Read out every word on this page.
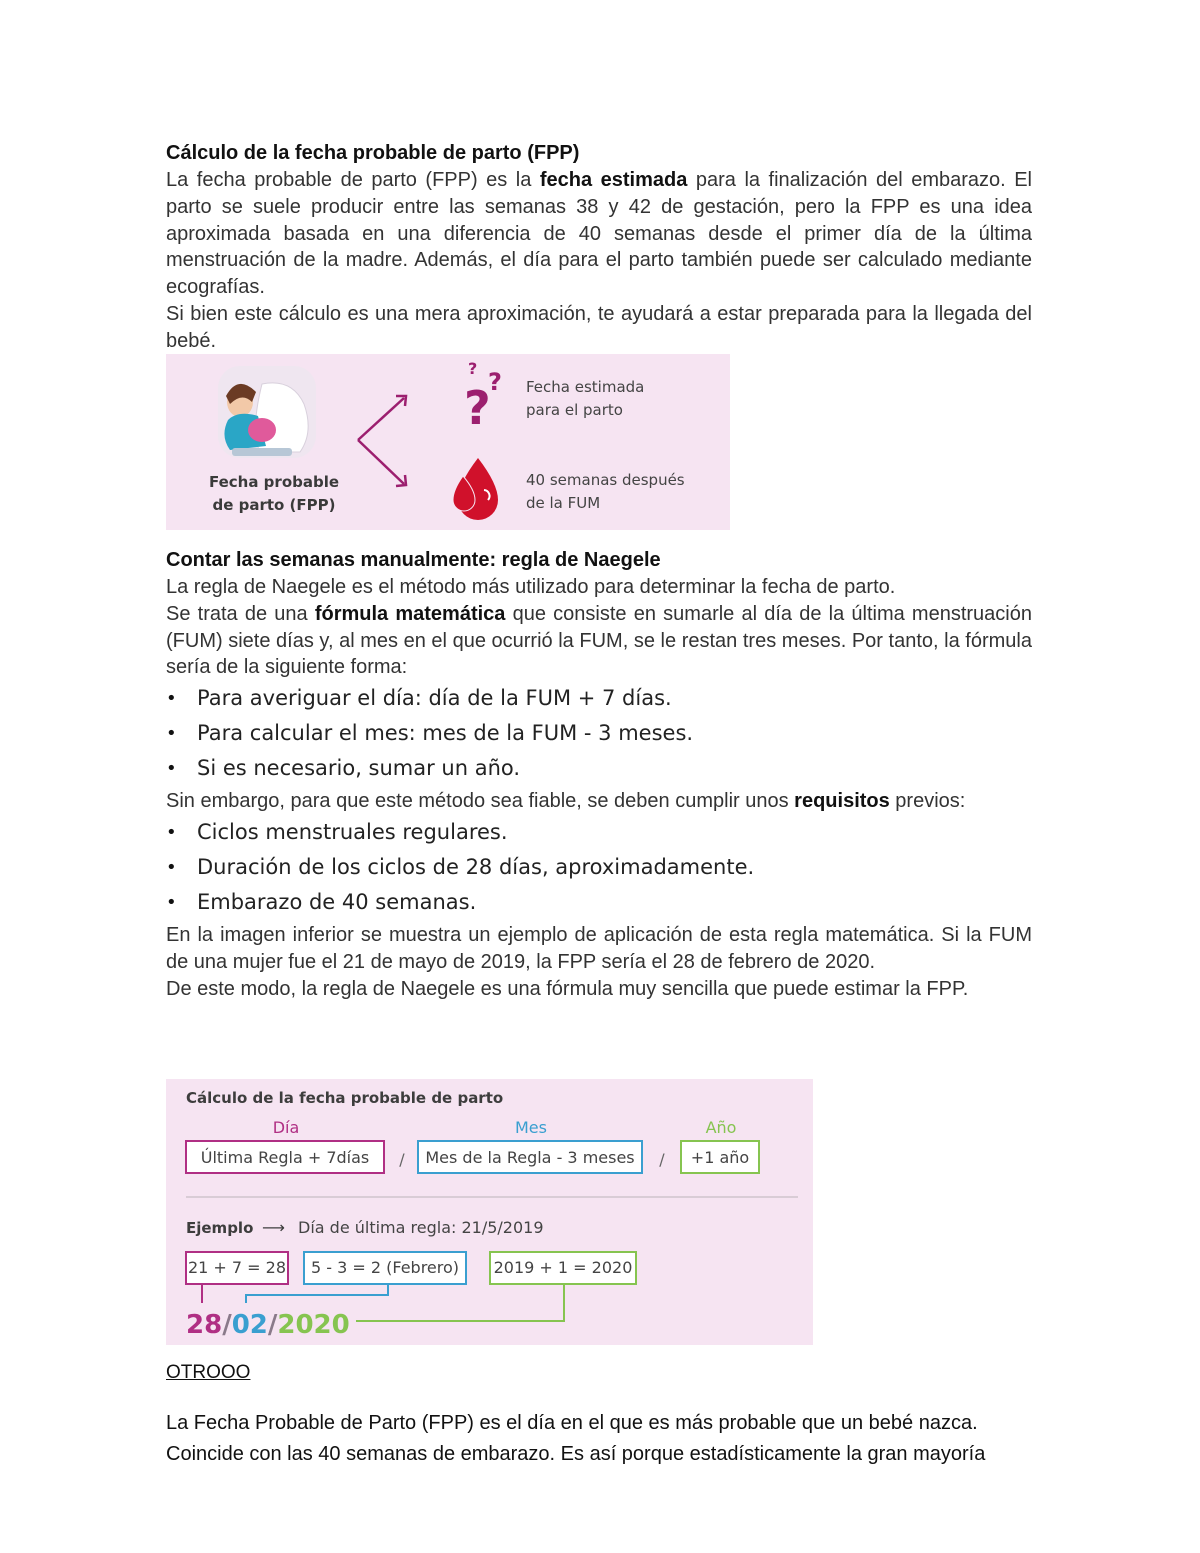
Cálculo de la fecha probable de parto (FPP)

La fecha probable de parto (FPP) es la fecha estimada para la finalización del embarazo. El parto se suele producir entre las semanas 38 y 42 de gestación, pero la FPP es una idea aproximada basada en una diferencia de 40 semanas desde el primer día de la última menstruación de la madre. Además, el día para el parto también puede ser calculado mediante ecografías.

Si bien este cálculo es una mera aproximación, te ayudará a estar preparada para la llegada del bebé.

Fecha probable
de parto (FPP)
?
? ? Fecha estimada
para el parto
40 semanas después
de la FUM

Contar las semanas manualmente: regla de Naegele

La regla de Naegele es el método más utilizado para determinar la fecha de parto.

Se trata de una fórmula matemática que consiste en sumarle al día de la última menstruación (FUM) siete días y, al mes en el que ocurrió la FUM, se le restan tres meses. Por tanto, la fórmula sería de la siguiente forma:

• Para averiguar el día: día de la FUM + 7 días.
• Para calcular el mes: mes de la FUM - 3 meses.
• Si es necesario, sumar un año.

Sin embargo, para que este método sea fiable, se deben cumplir unos requisitos previos:

• Ciclos menstruales regulares.
• Duración de los ciclos de 28 días, aproximadamente.
• Embarazo de 40 semanas.

En la imagen inferior se muestra un ejemplo de aplicación de esta regla matemática. Si la FUM de una mujer fue el 21 de mayo de 2019, la FPP sería el 28 de febrero de 2020.

De este modo, la regla de Naegele es una fórmula muy sencilla que puede estimar la FPP.

Cálculo de la fecha probable de parto
Día	Mes	Año
Última Regla + 7días / Mes de la Regla - 3 meses / +1 año
Ejemplo ⟶ Día de última regla: 21/5/2019
21 + 7 = 28 5 - 3 = 2 (Febrero) 2019 + 1 = 2020
28/02/2020
OTROOO

La Fecha Probable de Parto (FPP) es el día en el que es más probable que un bebé nazca. Coincide con las 40 semanas de embarazo. Es así porque estadísticamente la gran mayoría
